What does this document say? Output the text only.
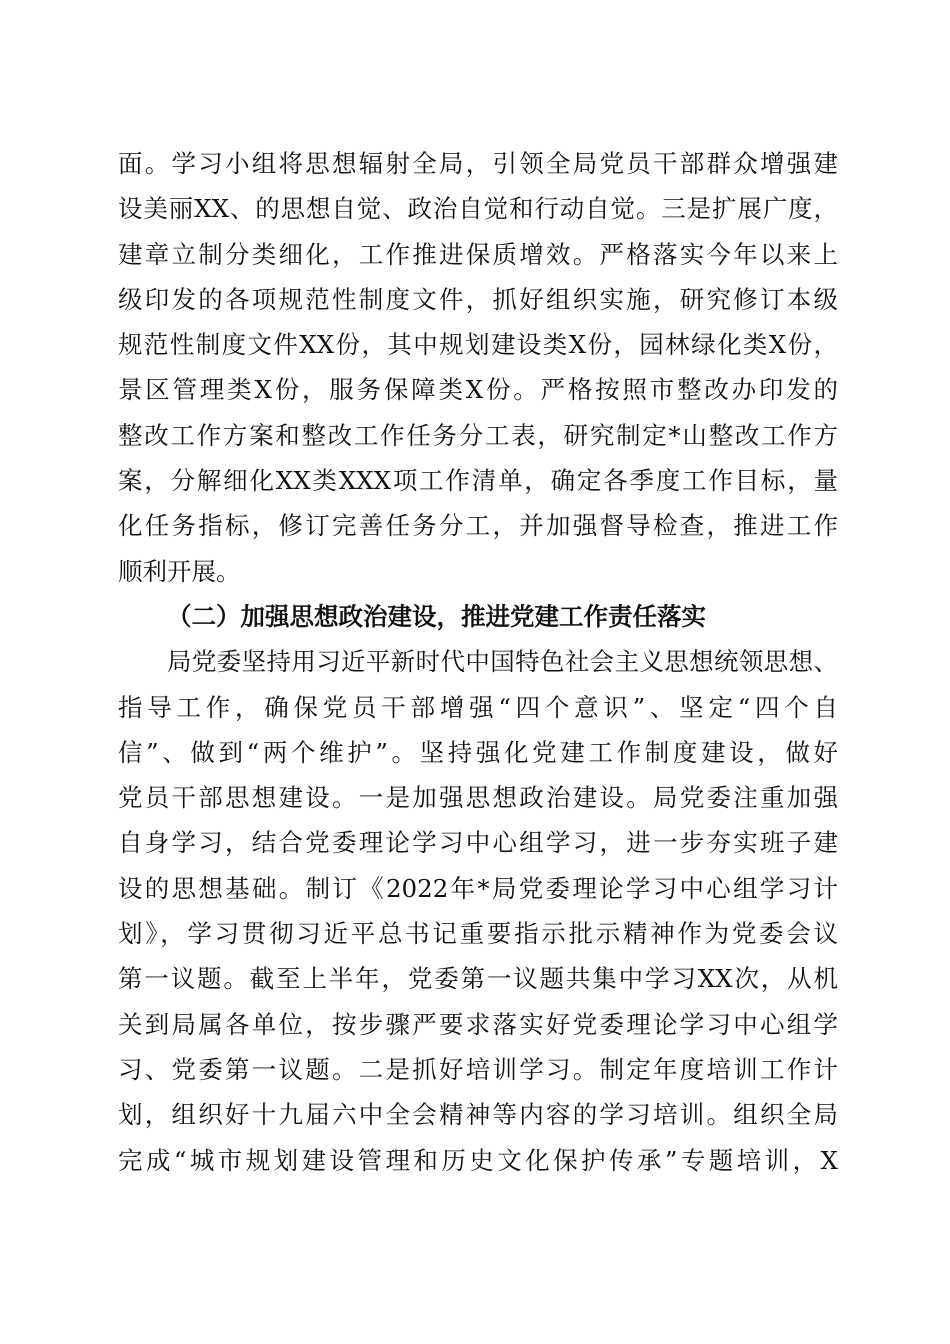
面。学习小组将思想辐射全局，引领全局党员干部群众增强建
设美丽XX、的思想自觉、政治自觉和行动自觉。三是扩展广度，
建章立制分类细化，工作推进保质增效。严格落实今年以来上
级印发的各项规范性制度文件，抓好组织实施，研究修订本级
规范性制度文件XX份，其中规划建设类X份，园林绿化类X份，
景区管理类X份，服务保障类X份。严格按照市整改办印发的
整改工作方案和整改工作任务分工表，研究制定*山整改工作方
案，分解细化XX类XXX项工作清单，确定各季度工作目标，量
化任务指标，修订完善任务分工，并加强督导检查，推进工作
顺利开展。
（二）加强思想政治建设，推进党建工作责任落实
局党委坚持用习近平新时代中国特色社会主义思想统领思想、
指导工作，确保党员干部增强“四个意识”、坚定“四个自
信”、做到“两个维护”。坚持强化党建工作制度建设，做好
党员干部思想建设。一是加强思想政治建设。局党委注重加强
自身学习，结合党委理论学习中心组学习，进一步夯实班子建
设的思想基础。制订《2022年*局党委理论学习中心组学习计
划》，学习贯彻习近平总书记重要指示批示精神作为党委会议
第一议题。截至上半年，党委第一议题共集中学习XX次，从机
关到局属各单位，按步骤严要求落实好党委理论学习中心组学
习、党委第一议题。二是抓好培训学习。制定年度培训工作计
划，组织好十九届六中全会精神等内容的学习培训。组织全局
完成“城市规划建设管理和历史文化保护传承”专题培训，X
